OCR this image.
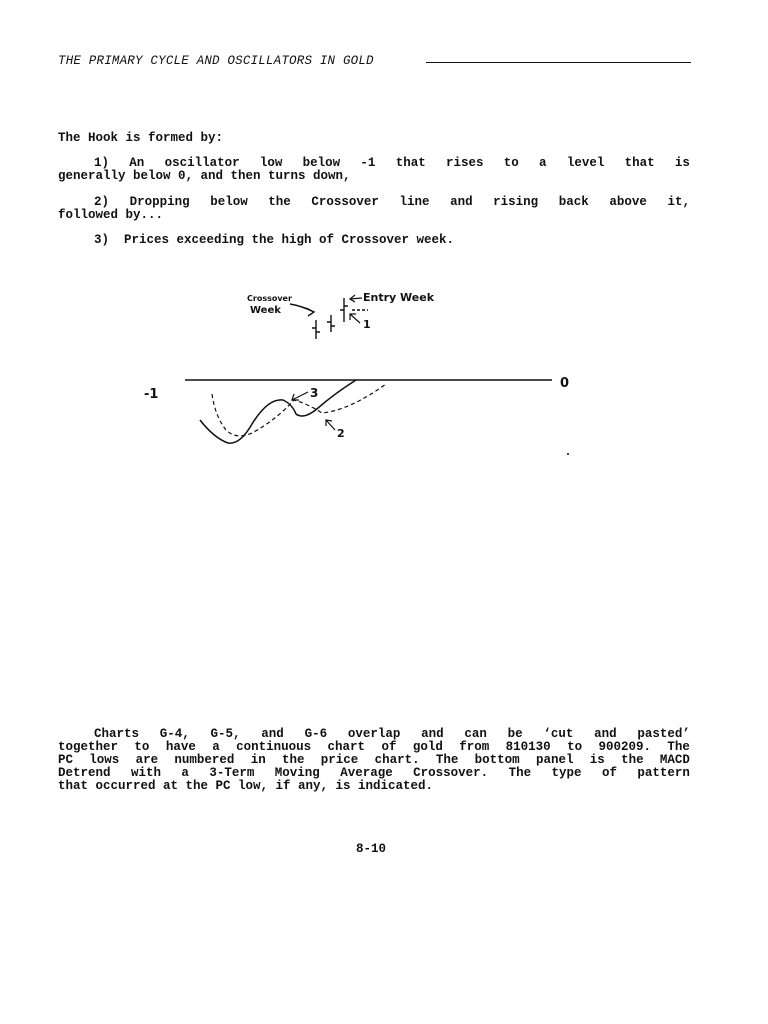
THE PRIMARY CYCLE AND OSCILLATORS IN GOLD
The Hook is formed by:
1) An oscillator low below -1 that rises to a level that is
generally below 0, and then turns down,
2) Dropping below the Crossover line and rising back above it,
followed by...
3)  Prices exceeding the high of Crossover week.
Crossover
Week
Entry Week
1
2
3
-1
0
Charts G-4, G-5, and G-6 overlap and can be ‘cut and pasted’
together to have a continuous chart of gold from 810130 to 900209. The
PC lows are numbered in the price chart. The bottom panel is the MACD
Detrend with a 3-Term Moving Average Crossover. The type of pattern
that occurred at the PC low, if any, is indicated.
8-10
